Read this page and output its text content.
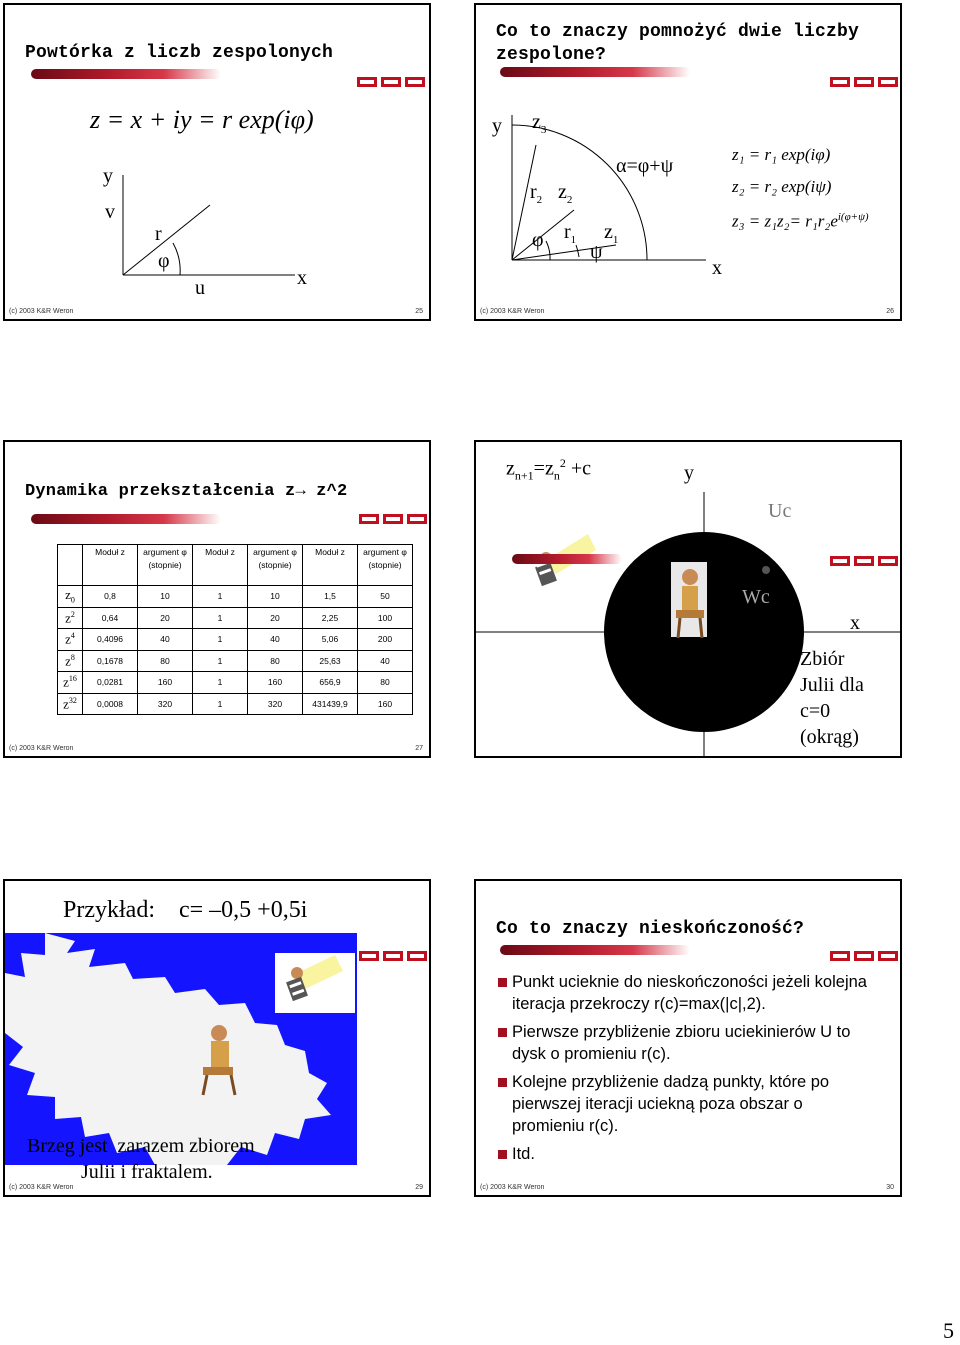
Powtórka z liczb zespolonych
z = x + iy = r exp(iφ)
y
v
r
φ
u	x
(c) 2003 K&R Weron	25
Co to znaczy pomnożyć dwie liczby zespolone?
y $z_3$
$r_2$ $z_2$
α=φ+ψ
φ $r_1$ $z_1$
ψ
x
z₁ = r₁ exp(iφ)
z₂ = r₂ exp(iψ)
$z_3 = z_1z_2= r_1r_2e^{i(\varphi+\psi)}$
(c) 2003 K&R Weron	26
Dynamika przekształcenia z→ z^2
	Moduł z	argument φ (stopnie)	Moduł z	argument φ (stopnie)	Moduł z	argument φ (stopnie)
$z_0$	0,8	10	1	10	1,5	50
$z^2$	0,64	20	1	20	2,25	100
$z^4$	0,4096	40	1	40	5,06	200
$z^8$	0,1678	80	1	80	25,63	40
$z^{16}$	0,0281	160	1	160	656,9	80
$z^{32}$	0,0008	320	1	320	431439,9	160
(c) 2003 K&R Weron	27
$z_{n+1}=z_n^2 +c$	y
Uc
Wc
x
Zbiór
Julii dla
c=0
(okrąg)
Przykład:    c= –0,5 +0,5i
Brzeg jest  zarazem zbiorem
Julii i fraktalem.
(c) 2003 K&R Weron	29
Co to znaczy nieskończoność?
Punkt ucieknie do nieskończoności jeżeli kolejna iteracja przekroczy r(c)=max(|c|,2).
Pierwsze przybliżenie zbioru uciekinierów U to dysk o promieniu r(c).
Kolejne przybliżenie dadzą punkty, które po pierwszej iteracji uciekną poza obszar o promieniu r(c).
Itd.
(c) 2003 K&R Weron	30
5
